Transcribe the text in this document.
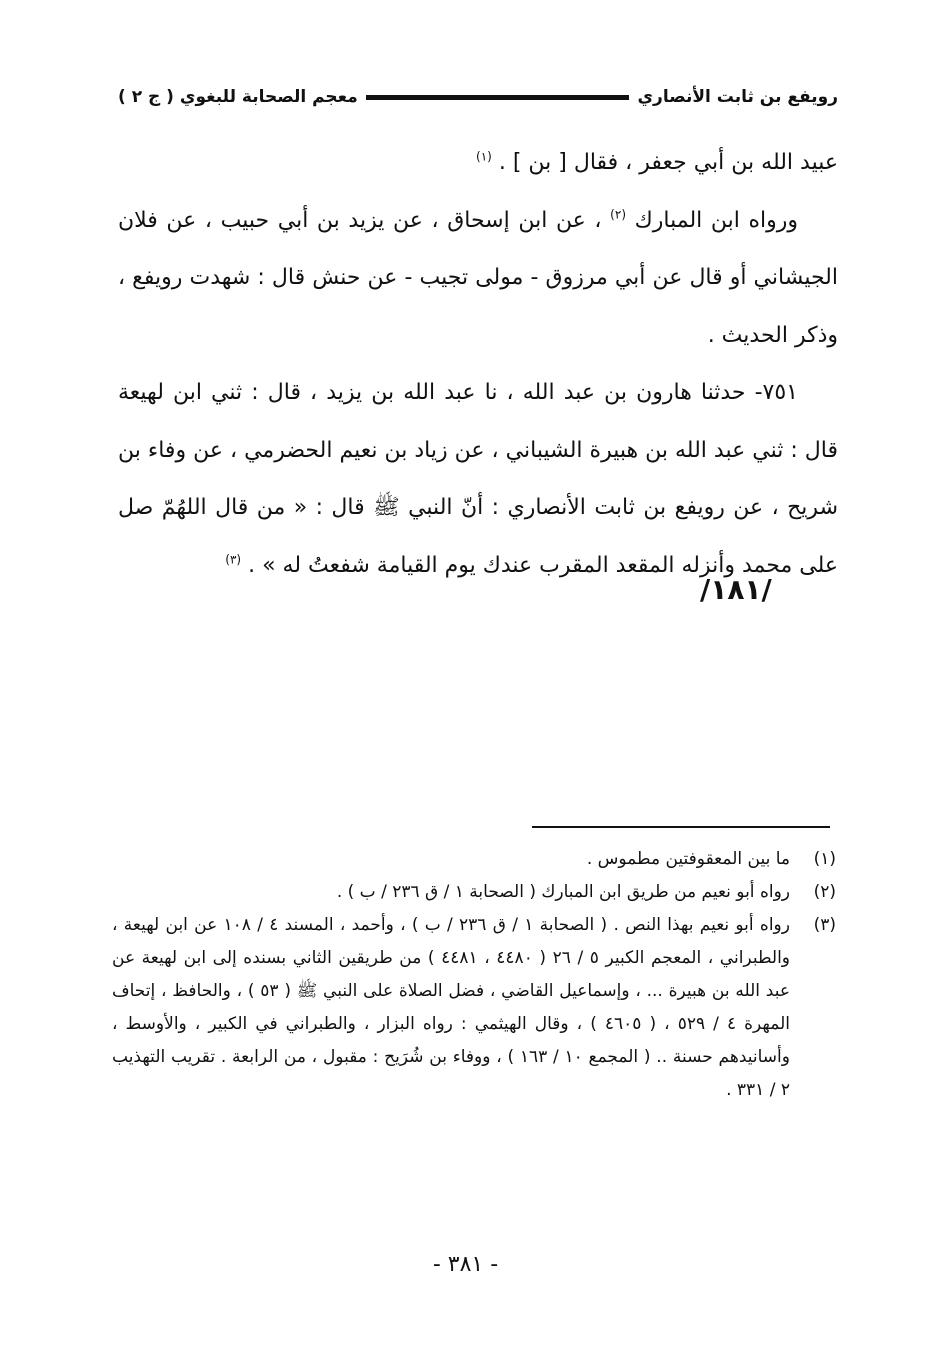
رويفع بن ثابت الأنصاري
معجم الصحابة للبغوي ( ج ٢ )

عبيد الله بن أبي جعفر ، فقال [ بن ] . $^{(١)}$

ورواه ابن المبارك $^{(٢)}$ ، عن ابن إسحاق ، عن يزيد بن أبي حبيب ، عن فلان الجيشاني أو قال عن أبي مرزوق - مولى تجيب - عن حنش قال : شهدت رويفع ، وذكر الحديث .

٧٥١- حدثنا هارون بن عبد الله ، نا عبد الله بن يزيد ، قال : ثني ابن لهيعة قال : ثني عبد الله بن هبيرة الشيباني ، عن زياد بن نعيم الحضرمي ، عن وفاء بن شريح ، عن رويفع بن ثابت الأنصاري : أنّ النبي ﷺ قال : « من قال اللهُمّ صل على محمد وأنزله المقعد المقرب عندك يوم القيامة شفعتُ له » . $^{(٣)}$

/١٨١/
(١)
ما بين المعقوفتين مطموس .
(٢)
رواه أبو نعيم من طريق ابن المبارك ( الصحابة ١ / ق ٢٣٦ / ب ) .
(٣)
رواه أبو نعيم بهذا النص . ( الصحابة ١ / ق ٢٣٦ / ب ) ، وأحمد ، المسند ٤ / ١٠٨ عن ابن لهيعة ، والطبراني ، المعجم الكبير ٥ / ٢٦ ( ٤٤٨٠ ، ٤٤٨١ ) من طريقين الثاني بسنده إلى ابن لهيعة عن عبد الله بن هبيرة ... ، وإسماعيل القاضي ، فضل الصلاة على النبي ﷺ ( ٥٣ ) ، والحافظ ، إتحاف المهرة ٤ / ٥٢٩ ، ( ٤٦٠٥ ) ، وقال الهيثمي : رواه البزار ، والطبراني في الكبير ، والأوسط ، وأسانيدهم حسنة .. ( المجمع ١٠ / ١٦٣ ) ، ووفاء بن شُرَيح : مقبول ، من الرابعة . تقريب التهذيب ٢ / ٣٣١ .
- ٣٨١ -
